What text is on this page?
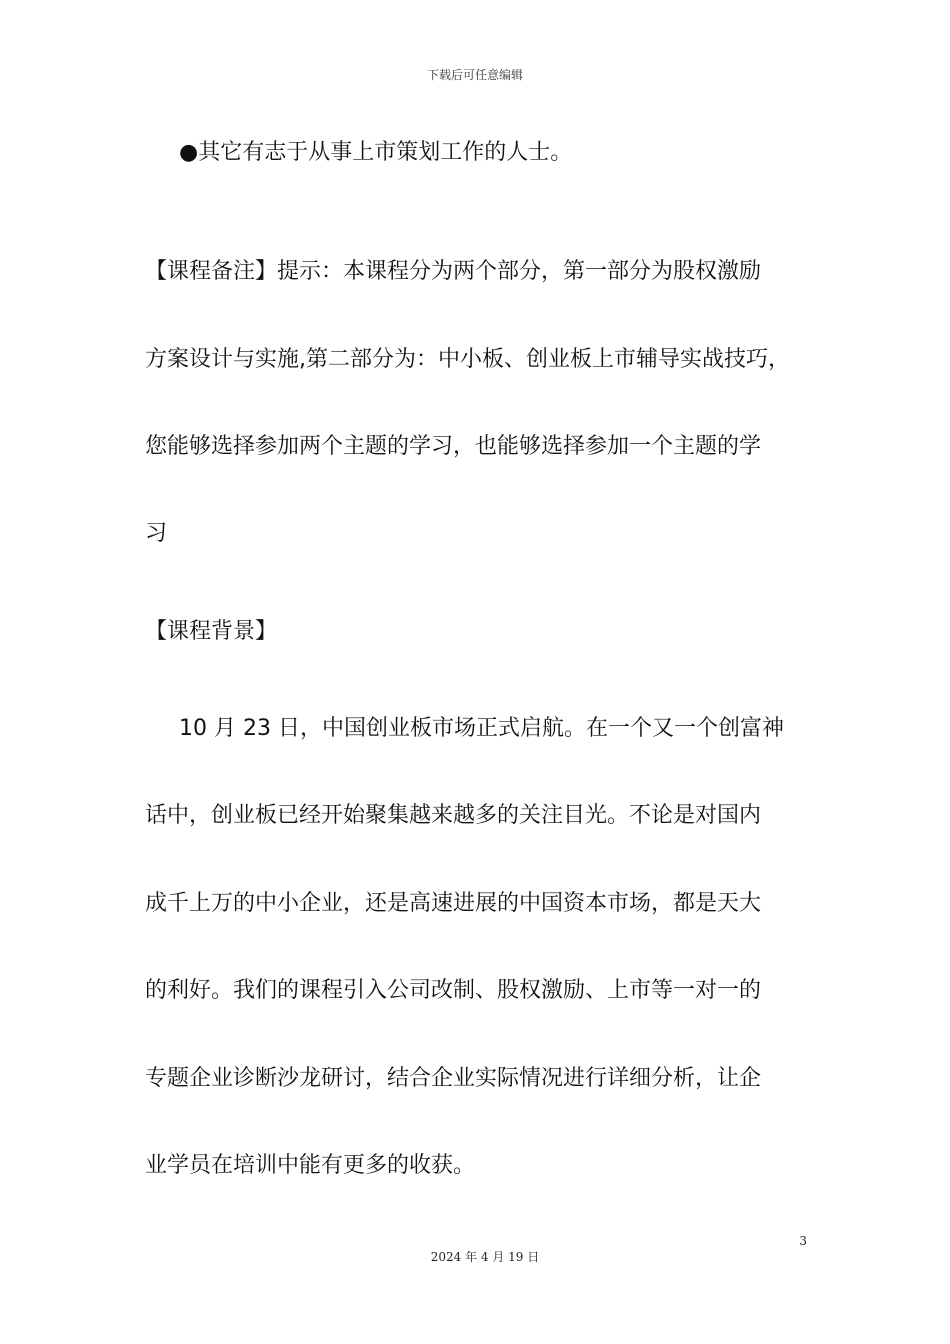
下载后可任意编辑
●其它有志于从事上市策划工作的人士。
【课程备注】提示：本课程分为两个部分，第一部分为股权激励
方案设计与实施,第二部分为：中小板、创业板上市辅导实战技巧，
您能够选择参加两个主题的学习，也能够选择参加一个主题的学
习
【课程背景】
10 月 23 日，中国创业板市场正式启航。在一个又一个创富神
话中，创业板已经开始聚集越来越多的关注目光。不论是对国内
成千上万的中小企业，还是高速进展的中国资本市场，都是天大
的利好。我们的课程引入公司改制、股权激励、上市等一对一的
专题企业诊断沙龙研讨，结合企业实际情况进行详细分析，让企
业学员在培训中能有更多的收获。
3
2024 年 4 月 19 日
